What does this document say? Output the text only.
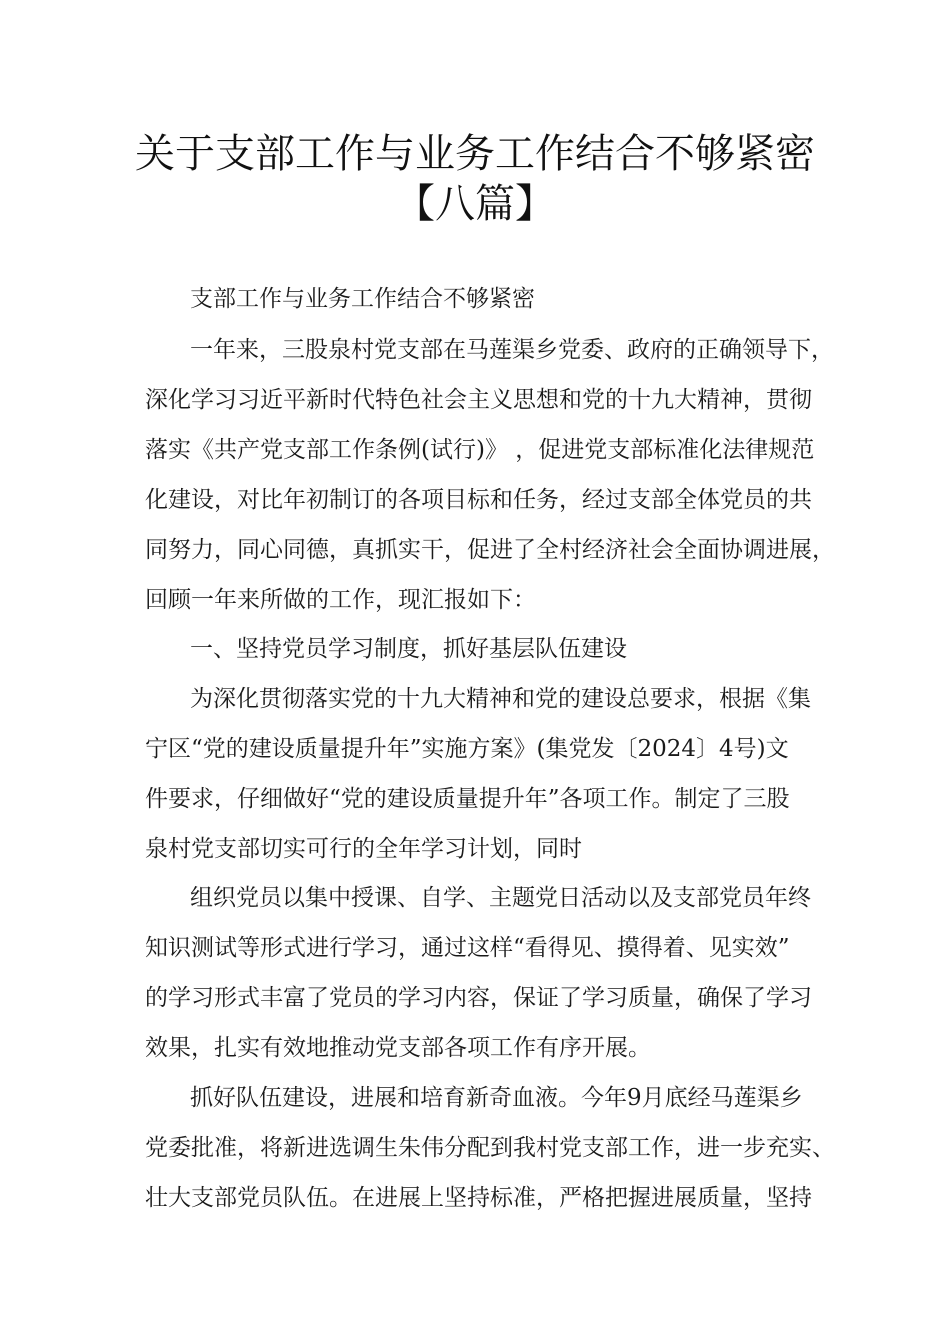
关于支部工作与业务工作结合不够紧密
【八篇】
支部工作与业务工作结合不够紧密
一年来，三股泉村党支部在马莲渠乡党委、政府的正确领导下，
深化学习习近平新时代特色社会主义思想和党的十九大精神，贯彻
落实《共产党支部工作条例(试行)》 ，促进党支部标准化法律规范
化建设，对比年初制订的各项目标和任务，经过支部全体党员的共
同努力，同心同德，真抓实干，促进了全村经济社会全面协调进展，
回顾一年来所做的工作，现汇报如下：
一、坚持党员学习制度，抓好基层队伍建设
为深化贯彻落实党的十九大精神和党的建设总要求，根据《集
宁区“党的建设质量提升年”实施方案》(集党发〔2024〕4号)文
件要求，仔细做好“党的建设质量提升年”各项工作。制定了三股
泉村党支部切实可行的全年学习计划，同时
组织党员以集中授课、自学、主题党日活动以及支部党员年终
知识测试等形式进行学习，通过这样“看得见、摸得着、见实效”
的学习形式丰富了党员的学习内容，保证了学习质量，确保了学习
效果，扎实有效地推动党支部各项工作有序开展。
抓好队伍建设，进展和培育新奇血液。今年9月底经马莲渠乡
党委批准，将新进选调生朱伟分配到我村党支部工作，进一步充实、
壮大支部党员队伍。在进展上坚持标准，严格把握进展质量，坚持
